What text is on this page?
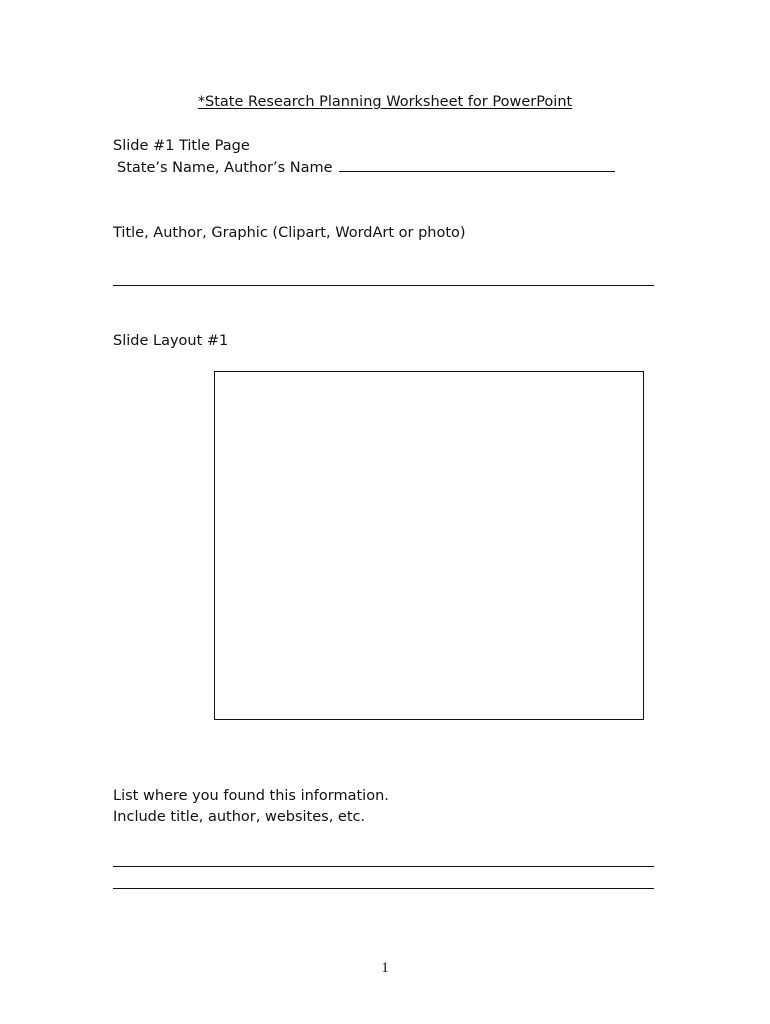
*State Research Planning Worksheet for PowerPoint
Slide #1 Title Page
State’s Name, Author’s Name
Title, Author, Graphic (Clipart, WordArt or photo)
Slide Layout #1
List where you found this information.
Include title, author, websites, etc.
1
